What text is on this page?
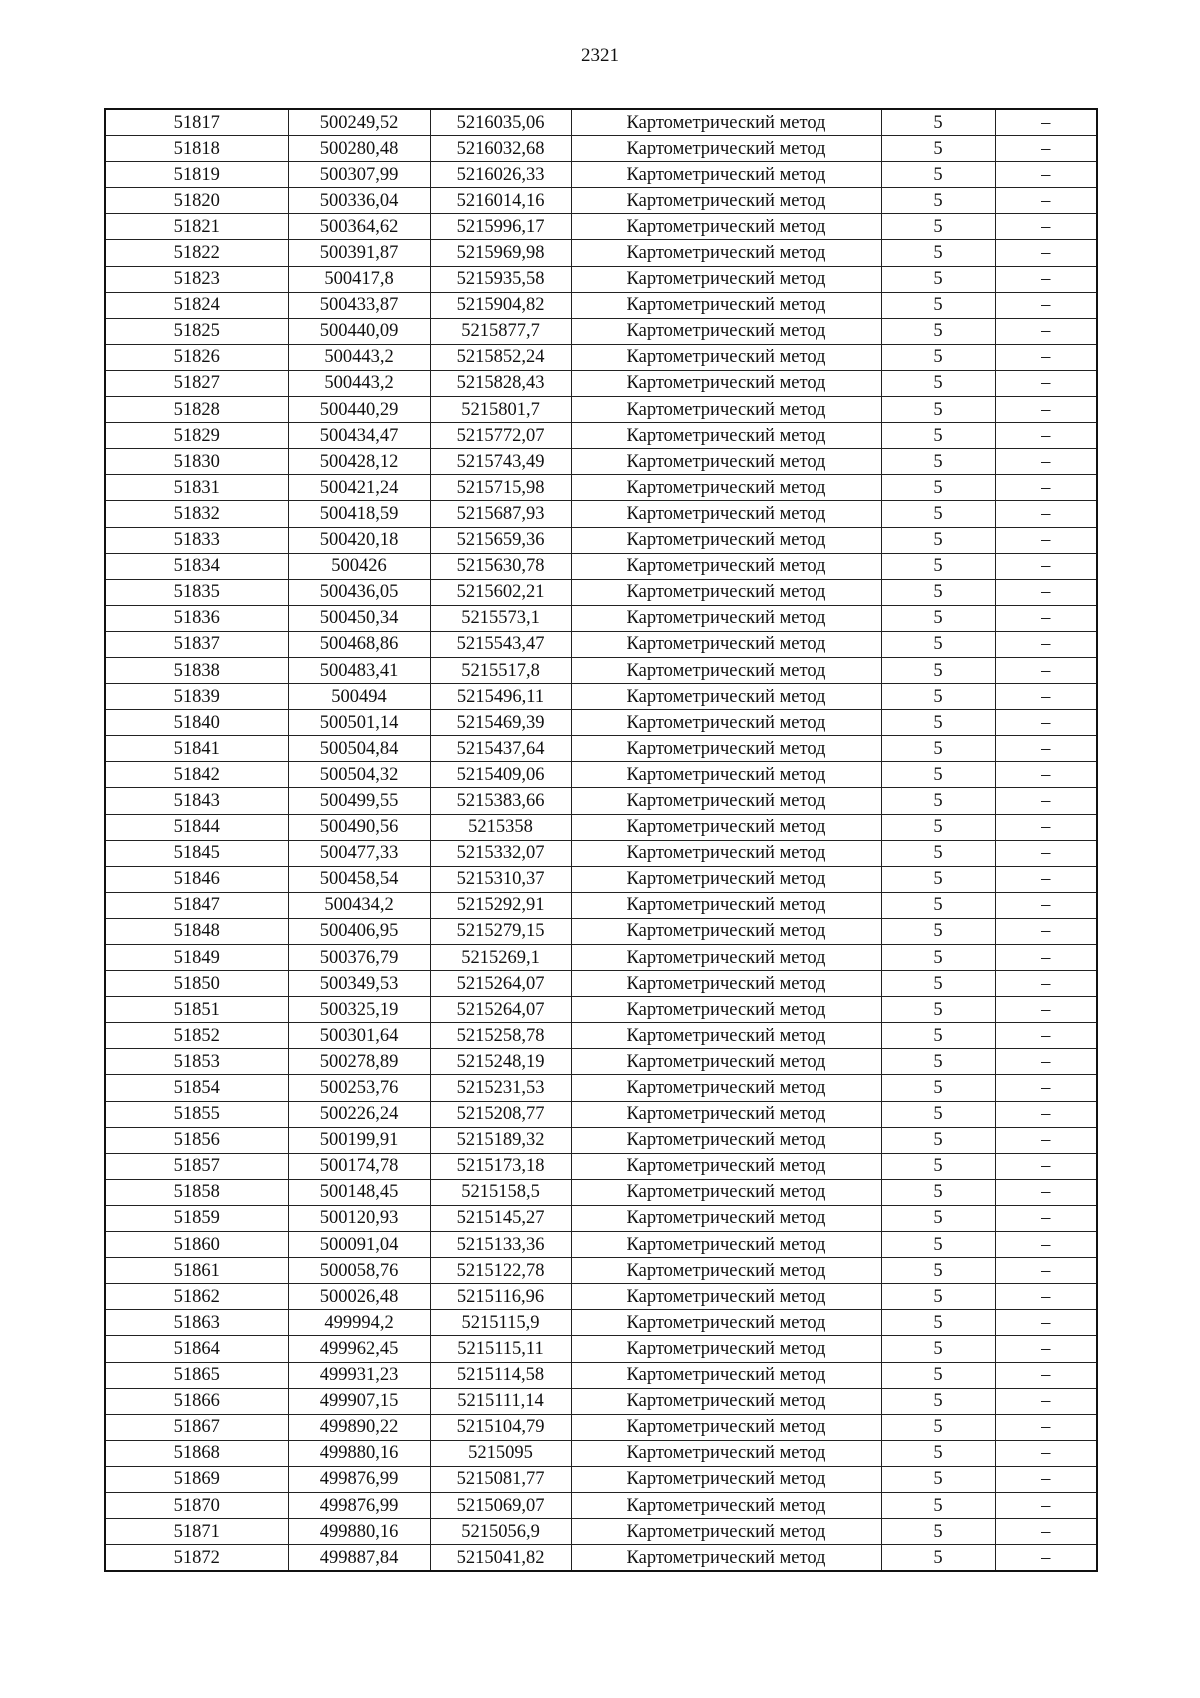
2321
51817	500249,52	5216035,06	Картометрический метод	5	–
51818	500280,48	5216032,68	Картометрический метод	5	–
51819	500307,99	5216026,33	Картометрический метод	5	–
51820	500336,04	5216014,16	Картометрический метод	5	–
51821	500364,62	5215996,17	Картометрический метод	5	–
51822	500391,87	5215969,98	Картометрический метод	5	–
51823	500417,8	5215935,58	Картометрический метод	5	–
51824	500433,87	5215904,82	Картометрический метод	5	–
51825	500440,09	5215877,7	Картометрический метод	5	–
51826	500443,2	5215852,24	Картометрический метод	5	–
51827	500443,2	5215828,43	Картометрический метод	5	–
51828	500440,29	5215801,7	Картометрический метод	5	–
51829	500434,47	5215772,07	Картометрический метод	5	–
51830	500428,12	5215743,49	Картометрический метод	5	–
51831	500421,24	5215715,98	Картометрический метод	5	–
51832	500418,59	5215687,93	Картометрический метод	5	–
51833	500420,18	5215659,36	Картометрический метод	5	–
51834	500426	5215630,78	Картометрический метод	5	–
51835	500436,05	5215602,21	Картометрический метод	5	–
51836	500450,34	5215573,1	Картометрический метод	5	–
51837	500468,86	5215543,47	Картометрический метод	5	–
51838	500483,41	5215517,8	Картометрический метод	5	–
51839	500494	5215496,11	Картометрический метод	5	–
51840	500501,14	5215469,39	Картометрический метод	5	–
51841	500504,84	5215437,64	Картометрический метод	5	–
51842	500504,32	5215409,06	Картометрический метод	5	–
51843	500499,55	5215383,66	Картометрический метод	5	–
51844	500490,56	5215358	Картометрический метод	5	–
51845	500477,33	5215332,07	Картометрический метод	5	–
51846	500458,54	5215310,37	Картометрический метод	5	–
51847	500434,2	5215292,91	Картометрический метод	5	–
51848	500406,95	5215279,15	Картометрический метод	5	–
51849	500376,79	5215269,1	Картометрический метод	5	–
51850	500349,53	5215264,07	Картометрический метод	5	–
51851	500325,19	5215264,07	Картометрический метод	5	–
51852	500301,64	5215258,78	Картометрический метод	5	–
51853	500278,89	5215248,19	Картометрический метод	5	–
51854	500253,76	5215231,53	Картометрический метод	5	–
51855	500226,24	5215208,77	Картометрический метод	5	–
51856	500199,91	5215189,32	Картометрический метод	5	–
51857	500174,78	5215173,18	Картометрический метод	5	–
51858	500148,45	5215158,5	Картометрический метод	5	–
51859	500120,93	5215145,27	Картометрический метод	5	–
51860	500091,04	5215133,36	Картометрический метод	5	–
51861	500058,76	5215122,78	Картометрический метод	5	–
51862	500026,48	5215116,96	Картометрический метод	5	–
51863	499994,2	5215115,9	Картометрический метод	5	–
51864	499962,45	5215115,11	Картометрический метод	5	–
51865	499931,23	5215114,58	Картометрический метод	5	–
51866	499907,15	5215111,14	Картометрический метод	5	–
51867	499890,22	5215104,79	Картометрический метод	5	–
51868	499880,16	5215095	Картометрический метод	5	–
51869	499876,99	5215081,77	Картометрический метод	5	–
51870	499876,99	5215069,07	Картометрический метод	5	–
51871	499880,16	5215056,9	Картометрический метод	5	–
51872	499887,84	5215041,82	Картометрический метод	5	–
